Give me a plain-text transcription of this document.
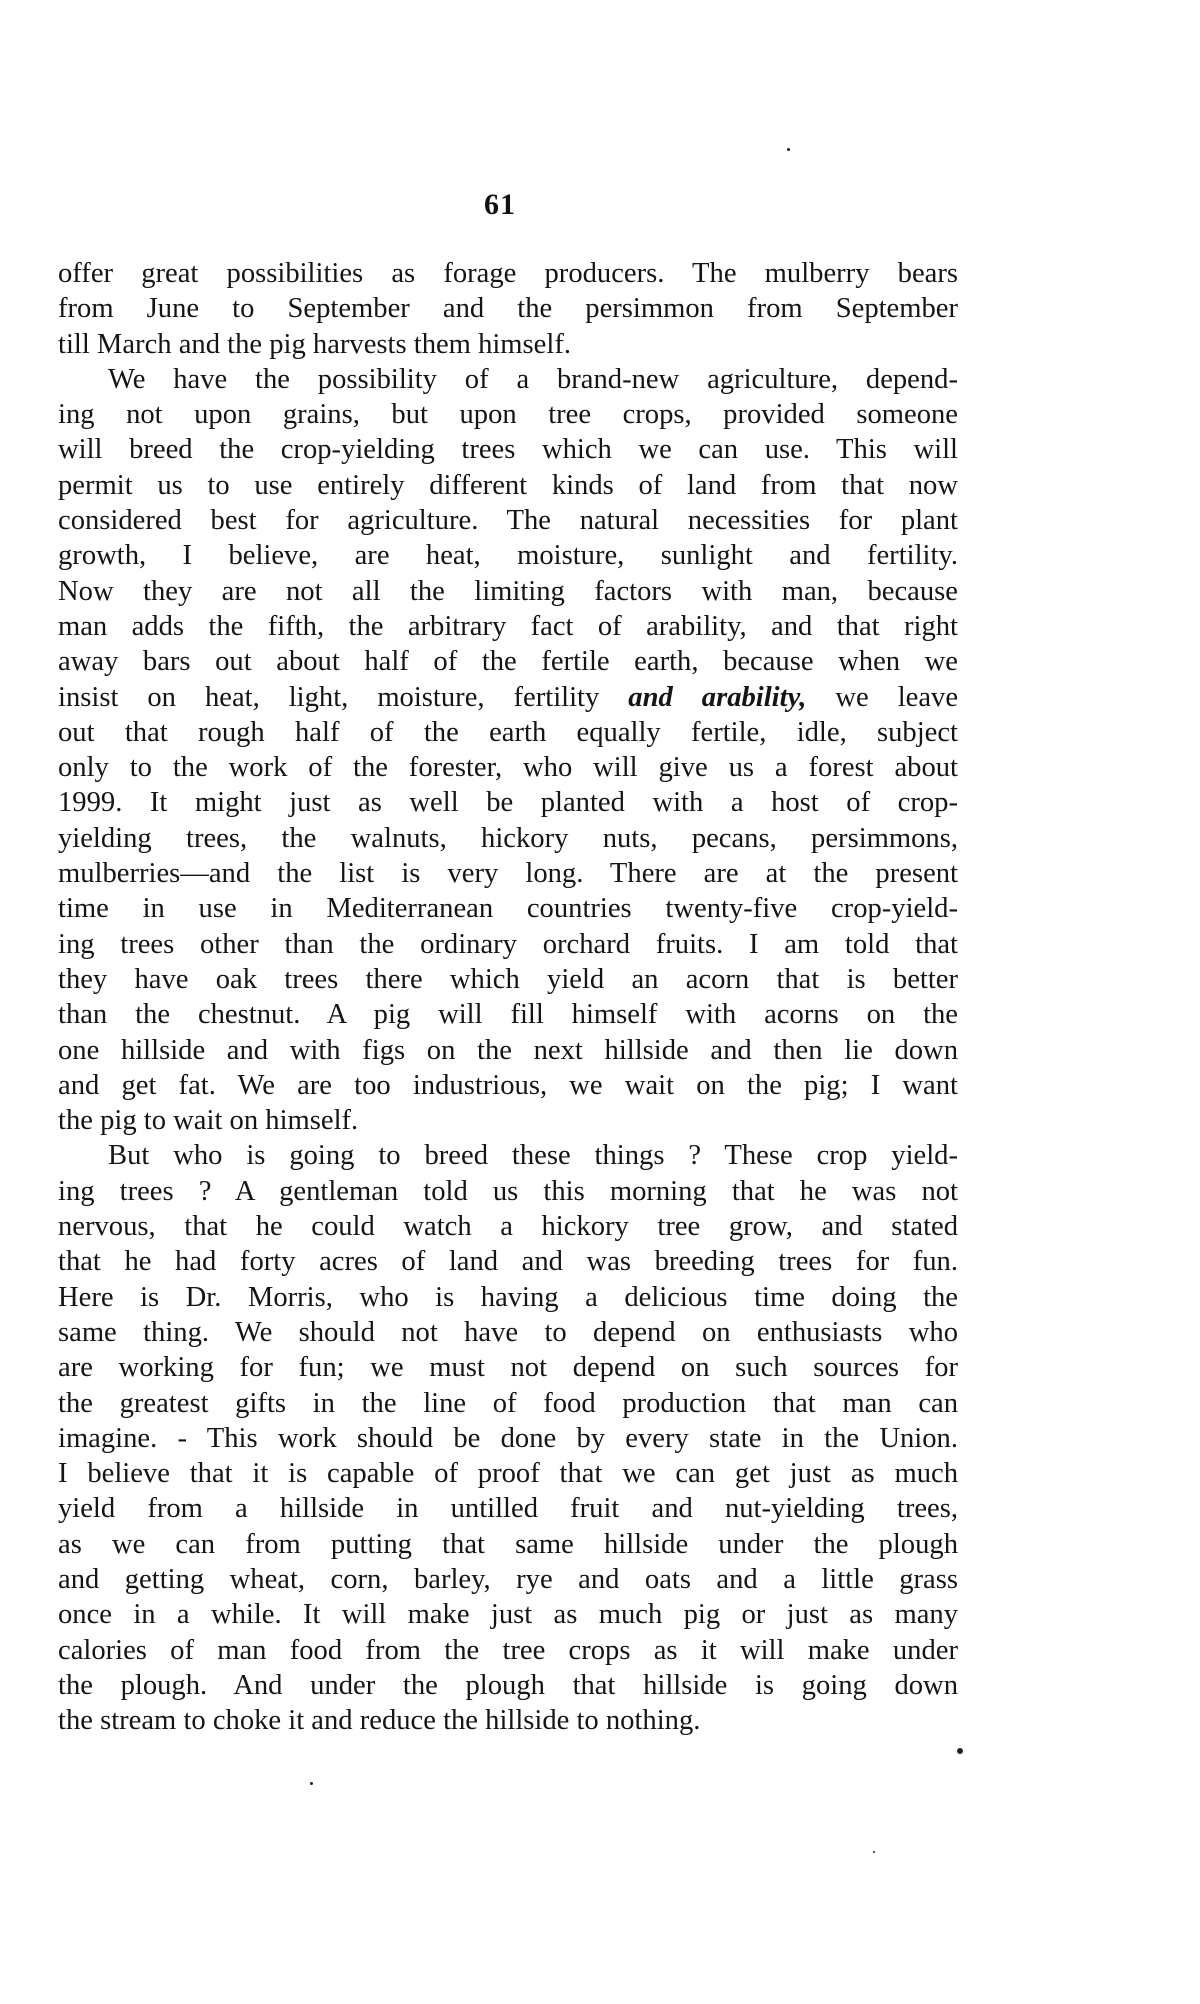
61
offer great possibilities as forage producers. The mulberry bears
from June to September and the persimmon from September
till March and the pig harvests them himself.
We have the possibility of a brand-new agriculture, depend-
ing not upon grains, but upon tree crops, provided someone
will breed the crop-yielding trees which we can use. This will
permit us to use entirely different kinds of land from that now
considered best for agriculture. The natural necessities for plant
growth, I believe, are heat, moisture, sunlight and fertility.
Now they are not all the limiting factors with man, because
man adds the fifth, the arbitrary fact of arability, and that right
away bars out about half of the fertile earth, because when we
insist on heat, light, moisture, fertility and arability, we leave
out that rough half of the earth equally fertile, idle, subject
only to the work of the forester, who will give us a forest about
1999. It might just as well be planted with a host of crop-
yielding trees, the walnuts, hickory nuts, pecans, persimmons,
mulberries—and the list is very long. There are at the present
time in use in Mediterranean countries twenty-five crop-yield-
ing trees other than the ordinary orchard fruits. I am told that
they have oak trees there which yield an acorn that is better
than the chestnut. A pig will fill himself with acorns on the
one hillside and with figs on the next hillside and then lie down
and get fat. We are too industrious, we wait on the pig; I want
the pig to wait on himself.
But who is going to breed these things ? These crop yield-
ing trees ? A gentleman told us this morning that he was not
nervous, that he could watch a hickory tree grow, and stated
that he had forty acres of land and was breeding trees for fun.
Here is Dr. Morris, who is having a delicious time doing the
same thing. We should not have to depend on enthusiasts who
are working for fun; we must not depend on such sources for
the greatest gifts in the line of food production that man can
imagine. - This work should be done by every state in the Union.
I believe that it is capable of proof that we can get just as much
yield from a hillside in untilled fruit and nut-yielding trees,
as we can from putting that same hillside under the plough
and getting wheat, corn, barley, rye and oats and a little grass
once in a while. It will make just as much pig or just as many
calories of man food from the tree crops as it will make under
the plough. And under the plough that hillside is going down
the stream to choke it and reduce the hillside to nothing.
